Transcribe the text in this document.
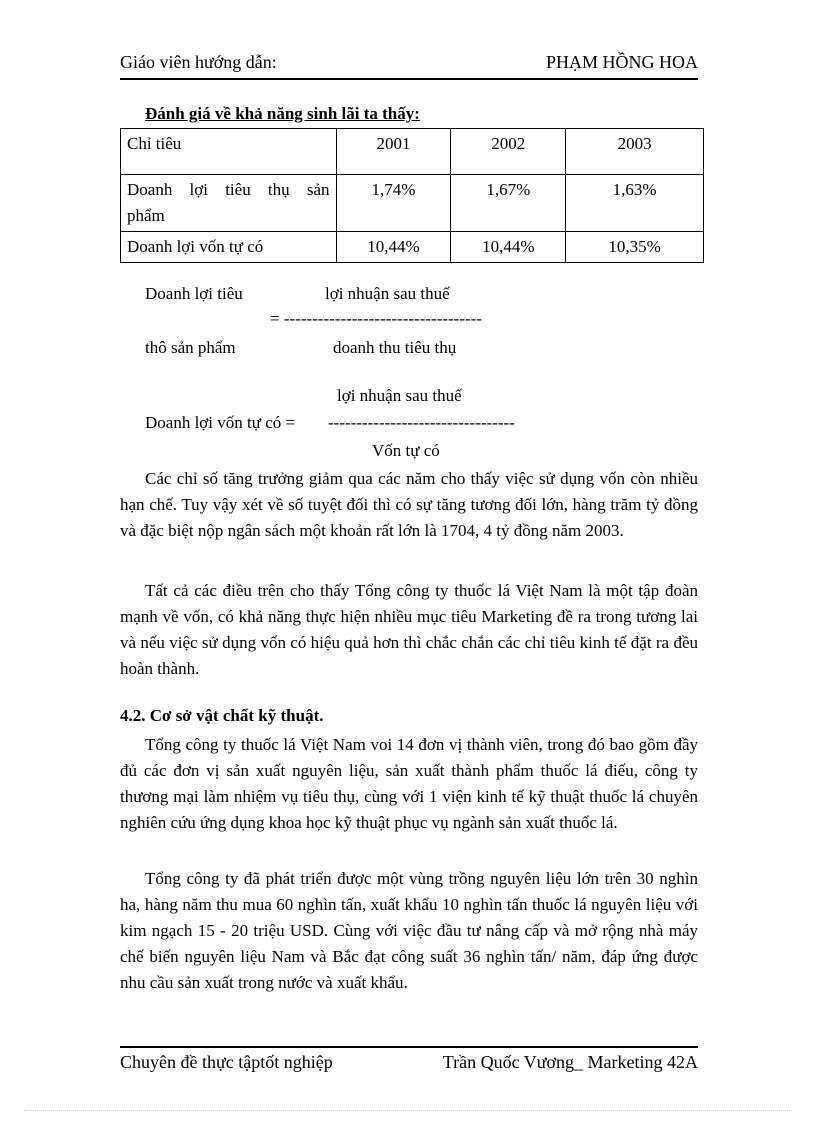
Giáo viên hướng dẫn:	PHẠM HỒNG HOA
Đánh giá về khả năng sinh lãi ta thấy:
Chỉ tiêu	2001	2002	2003

Doanh lợi tiêu thụ sản
phẩm	1,74%	1,67%	1,63%
Doanh lợi vốn tự có	10,44%	10,44%	10,35%
Doanh lợi tiêu	lợi nhuận sau thuế
= -----------------------------------
thô sản phẩm	doanh thu tiêu thụ
lợi nhuận sau thuế
Doanh lợi vốn tự có = ---------------------------------
Vốn tự có

Các chỉ số tăng trưởng giảm qua các năm cho thấy việc sử dụng vốn còn nhiều hạn chế. Tuy vậy xét về số tuyệt đối thì có sự tăng tương đối lớn, hàng trăm tỷ đồng và đặc biệt nộp ngân sách một khoản rất lớn là 1704, 4 tỷ đồng năm 2003.

Tất cả các điều trên cho thấy Tổng công ty thuốc lá Việt Nam là một tập đoàn mạnh về vốn, có khả năng thực hiện nhiều mục tiêu Marketing đề ra trong tương lai và nếu việc sử dụng vốn có hiệu quả hơn thì chắc chắn các chỉ tiêu kinh tế đặt ra đều hoàn thành.

4.2. Cơ sở vật chất kỹ thuật.

Tổng công ty thuốc lá Việt Nam voi 14 đơn vị thành viên, trong đó bao gồm đầy đủ các đơn vị sản xuất nguyên liệu, sản xuất thành phẩm thuốc lá điếu, công ty thương mại làm nhiệm vụ tiêu thụ, cùng với 1 viện kinh tế kỹ thuật thuốc lá chuyên nghiên cứu ứng dụng khoa học kỹ thuật phục vụ ngành sản xuất thuốc lá.

Tổng công ty đã phát triển được một vùng trồng nguyên liệu lớn trên 30 nghìn ha, hàng năm thu mua 60 nghìn tấn, xuất khẩu 10 nghìn tấn thuốc lá nguyên liệu với kim ngạch 15 - 20 triệu USD. Cùng với việc đầu tư nâng cấp và mở rộng nhà máy chế biến nguyên liệu Nam và Bắc đạt công suất 36 nghìn tấn/ năm, đáp ứng được nhu cầu sản xuất trong nước và xuất khẩu.

Chuyên đề thực tậptốt nghiệp	Trần Quốc Vương_ Marketing 42A
